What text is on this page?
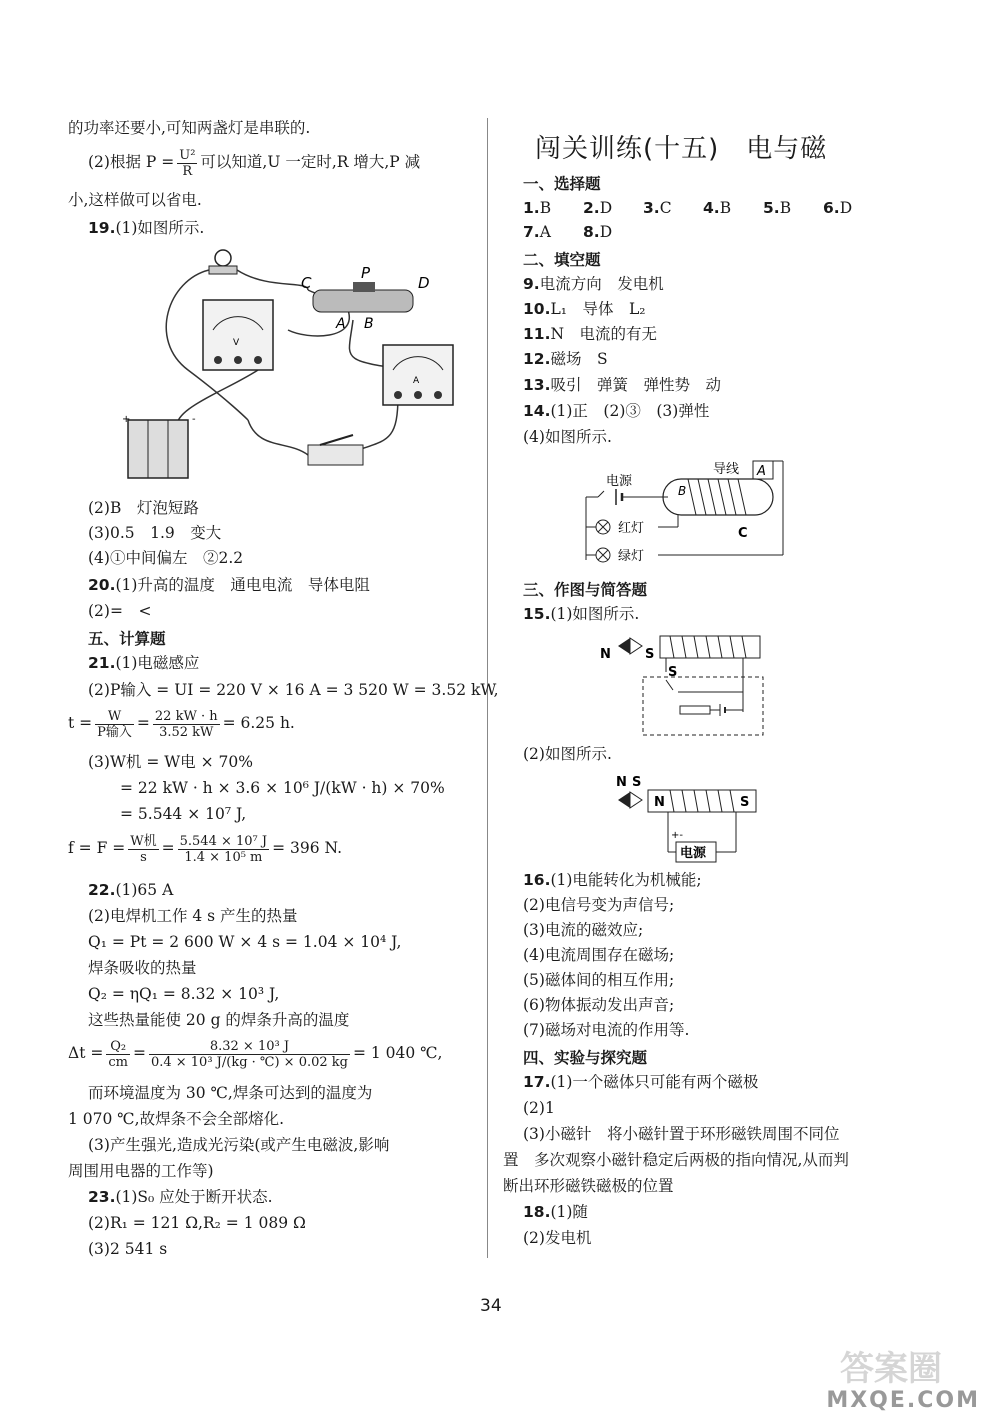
的功率还要小,可知两盏灯是串联的.
(2)根据 $P = \frac{\text{U²}}{R}$ 可以知道,U 一定时,R 增大,P 减
小,这样做可以省电.
19.(1)如图所示.
C
P
D
A B
V
A
+	-
(2)B　灯泡短路
(3)0.5　1.9　变大
(4)①中间偏左　②2.2
20.(1)升高的温度　通电电流　导体电阻
(2)=　<
五、计算题
21.(1)电磁感应
(2)P输入 = UI = 220 V × 16 A = 3 520 W = 3.52 kW,
$t = \frac{W}{\text{P输入}} = \frac{22 kW \cdot h}{3.52 kW} = 6.25$ h.
(3)W机 = W电 × 70%
= 22 kW · h × 3.6 × 10⁶ J/(kW · h) × 70%
= 5.544 × 10⁷ J,
$f = F = \frac{\text{W机}}{s} = \frac{\text{5.544 × 10⁷ J}}{\text{1.4 × 10⁵ m}} = 396$ N.
22.(1)65 A
(2)电焊机工作 4 s 产生的热量
Q₁ = Pt = 2 600 W × 4 s = 1.04 × 10⁴ J,
焊条吸收的热量
Q₂ = ηQ₁ = 8.32 × 10³ J,
这些热量能使 20 g 的焊条升高的温度
$\Delta t = \frac{\text{Q₂}}{cm} = \frac{\text{8.32 × 10³ J}}{\text{0.4 × 10³ J/(kg · ℃) × 0.02 kg}} = 1$ 040 ℃,
而环境温度为 30 ℃,焊条可达到的温度为
1 070 ℃,故焊条不会全部熔化.
(3)产生强光,造成光污染(或产生电磁波,影响
周围用电器的工作等)
23.(1)S₀ 应处于断开状态.
(2)R₁ = 121 Ω,R₂ = 1 089 Ω
(3)2 541 s
闯关训练(十五)　电与磁
一、选择题
1.B 2.D 3.C 4.B 5.B 6.D
7.A 8.D
二、填空题
9.电流方向　发电机
10.L₁　导体　L₂
11.N　电流的有无
12.磁场　S
13.吸引　弹簧　弹性势　动
14.(1)正　(2)③　(3)弹性
(4)如图所示.
电源
导线 A
B
C
红灯
绿灯
三、作图与简答题
15.(1)如图所示.
N	S
S
(2)如图所示.
N S
N	S
+-
电源
16.(1)电能转化为机械能;
(2)电信号变为声信号;
(3)电流的磁效应;
(4)电流周围存在磁场;
(5)磁体间的相互作用;
(6)物体振动发出声音;
(7)磁场对电流的作用等.
四、实验与探究题
17.(1)一个磁体只可能有两个磁极
(2)1
(3)小磁针　将小磁针置于环形磁铁周围不同位
置　多次观察小磁针稳定后两极的指向情况,从而判
断出环形磁铁磁极的位置
18.(1)随
(2)发电机
34
答案圈
MXQE.COM
